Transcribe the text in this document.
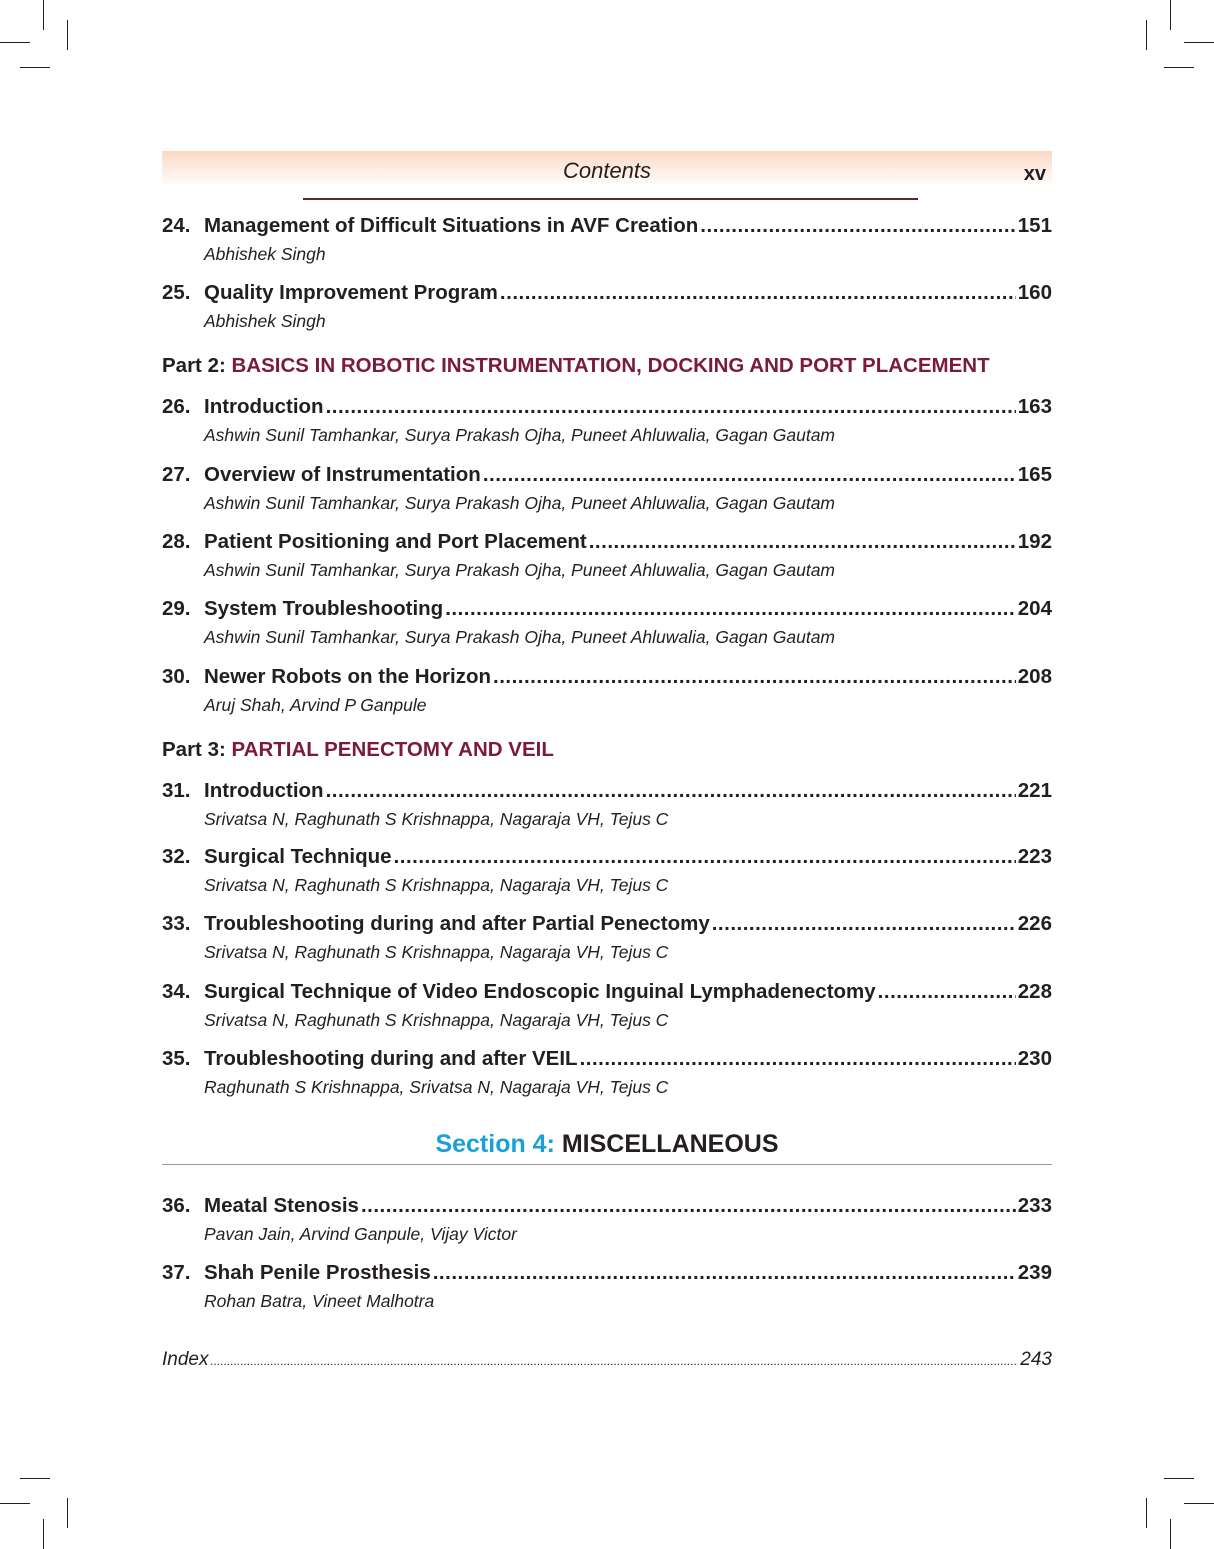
Contents	xv
24. Management of Difficult Situations in AVF Creation .....	151
Abhishek Singh
25. Quality Improvement Program .....	160
Abhishek Singh
Part 2: BASICS IN ROBOTIC INSTRUMENTATION, DOCKING AND PORT PLACEMENT
26. Introduction .....	163
Ashwin Sunil Tamhankar, Surya Prakash Ojha, Puneet Ahluwalia, Gagan Gautam
27. Overview of Instrumentation .....	165
Ashwin Sunil Tamhankar, Surya Prakash Ojha, Puneet Ahluwalia, Gagan Gautam
28. Patient Positioning and Port Placement .....	192
Ashwin Sunil Tamhankar, Surya Prakash Ojha, Puneet Ahluwalia, Gagan Gautam
29. System Troubleshooting .....	204
Ashwin Sunil Tamhankar, Surya Prakash Ojha, Puneet Ahluwalia, Gagan Gautam
30. Newer Robots on the Horizon .....	208
Aruj Shah, Arvind P Ganpule
Part 3: PARTIAL PENECTOMY AND VEIL
31. Introduction .....	221
Srivatsa N, Raghunath S Krishnappa, Nagaraja VH, Tejus C
32. Surgical Technique .....	223
Srivatsa N, Raghunath S Krishnappa, Nagaraja VH, Tejus C
33. Troubleshooting during and after Partial Penectomy .....	226
Srivatsa N, Raghunath S Krishnappa, Nagaraja VH, Tejus C
34. Surgical Technique of Video Endoscopic Inguinal Lymphadenectomy .....	228
Srivatsa N, Raghunath S Krishnappa, Nagaraja VH, Tejus C
35. Troubleshooting during and after VEIL .....	230
Raghunath S Krishnappa, Srivatsa N, Nagaraja VH, Tejus C
Section 4: MISCELLANEOUS
36. Meatal Stenosis .....	233
Pavan Jain, Arvind Ganpule, Vijay Victor
37. Shah Penile Prosthesis .....	239
Rohan Batra, Vineet Malhotra
Index .....	243
